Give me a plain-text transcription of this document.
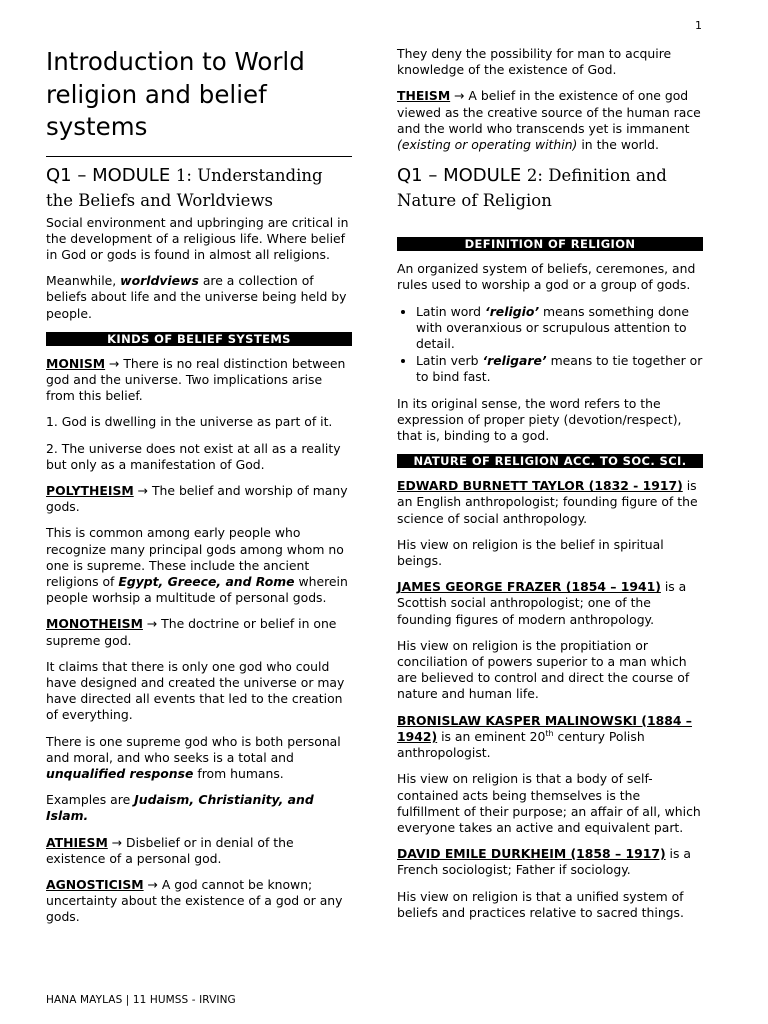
1
Introduction to World religion and belief systems
Q1 – MODULE 1: Understanding the Beliefs and Worldviews

Social environment and upbringing are critical in the development of a religious life. Where belief in God or gods is found in almost all religions.

Meanwhile, worldviews are a collection of beliefs about life and the universe being held by people.

KINDS OF BELIEF SYSTEMS

MONISM → There is no real distinction between god and the universe. Two implications arise from this belief.

1. God is dwelling in the universe as part of it.

2. The universe does not exist at all as a reality but only as a manifestation of God.

POLYTHEISM → The belief and worship of many gods.

This is common among early people who recognize many principal gods among whom no one is supreme. These include the ancient religions of Egypt, Greece, and Rome wherein people worhsip a multitude of personal gods.

MONOTHEISM → The doctrine or belief in one supreme god.

It claims that there is only one god who could have designed and created the universe or may have directed all events that led to the creation of everything.

There is one supreme god who is both personal and moral, and who seeks is a total and unqualified response from humans.

Examples are Judaism, Christianity, and Islam.

ATHIESM → Disbelief or in denial of the existence of a personal god.

AGNOSTICISM → A god cannot be known; uncertainty about the existence of a god or any gods.

They deny the possibility for man to acquire knowledge of the existence of God.

THEISM → A belief in the existence of one god viewed as the creative source of the human race and the world who transcends yet is immanent (existing or operating within) in the world.

Q1 – MODULE 2: Definition and Nature of Religion
DEFINITION OF RELIGION

An organized system of beliefs, ceremones, and rules used to worship a god or a group of gods.

• Latin word ‘religio’ means something done with overanxious or scrupulous attention to detail.
• Latin verb ‘religare’ means to tie together or to bind fast.

In its original sense, the word refers to the expression of proper piety (devotion/respect), that is, binding to a god.

NATURE OF RELIGION ACC. TO SOC. SCI.

EDWARD BURNETT TAYLOR (1832 - 1917) is an English anthropologist; founding figure of the science of social anthropology.

His view on religion is the belief in spiritual beings.

JAMES GEORGE FRAZER (1854 – 1941) is a Scottish social anthropologist; one of the founding figures of modern anthropology.

His view on religion is the propitiation or conciliation of powers superior to a man which are believed to control and direct the course of nature and human life.

BRONISLAW KASPER MALINOWSKI (1884 – 1942) is an eminent 20th century Polish anthropologist.

His view on religion is that a body of self-contained acts being themselves is the fulfillment of their purpose; an affair of all, which everyone takes an active and equivalent part.

DAVID EMILE DURKHEIM (1858 – 1917) is a French sociologist; Father if sociology.

His view on religion is that a unified system of beliefs and practices relative to sacred things.

HANA MAYLAS | 11 HUMSS - IRVING
